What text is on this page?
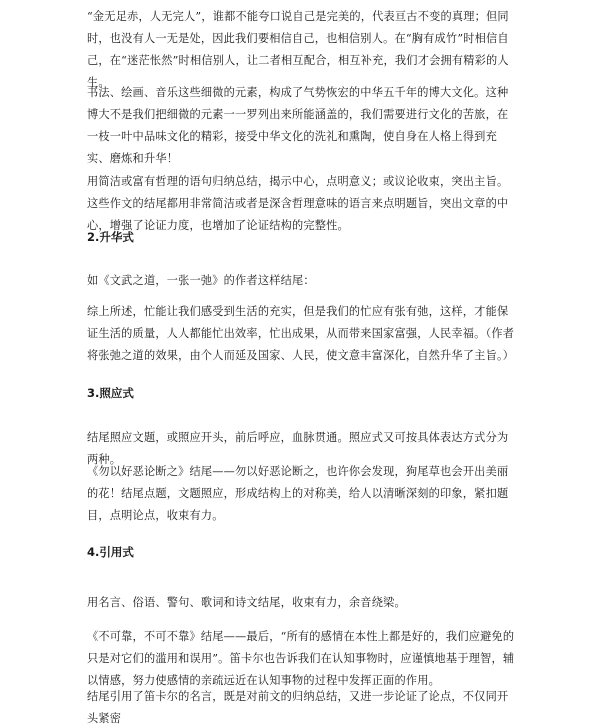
“金无足赤，人无完人”，谁都不能夸口说自己是完美的，代表亘古不变的真理；但同时，也没有人一无是处，因此我们要相信自己，也相信别人。在“胸有成竹”时相信自己，在“迷茫怅然”时相信别人，让二者相互配合，相互补充，我们才会拥有精彩的人生。

书法、绘画、音乐这些细微的元素，构成了气势恢宏的中华五千年的博大文化。这种博大不是我们把细微的元素一一罗列出来所能涵盖的，我们需要进行文化的苦旅，在一枝一叶中品味文化的精彩，接受中华文化的洗礼和熏陶，使自身在人格上得到充实、磨炼和升华！

用简洁或富有哲理的语句归纳总结，揭示中心，点明意义；或议论收束，突出主旨。这些作文的结尾都用非常简洁或者是深含哲理意味的语言来点明题旨，突出文章的中心，增强了论证力度，也增加了论证结构的完整性。

2.升华式

如《文武之道，一张一弛》的作者这样结尾：

综上所述，忙能让我们感受到生活的充实，但是我们的忙应有张有弛，这样，才能保证生活的质量，人人都能忙出效率，忙出成果，从而带来国家富强，人民幸福。（作者将张弛之道的效果，由个人而延及国家、人民，使文意丰富深化，自然升华了主旨。）

3.照应式

结尾照应文题，或照应开头，前后呼应，血脉贯通。照应式又可按具体表达方式分为两种。

《勿以好恶论断之》结尾——勿以好恶论断之，也许你会发现，狗尾草也会开出美丽的花！结尾点题，文题照应，形成结构上的对称美，给人以清晰深刻的印象，紧扣题目，点明论点，收束有力。

4.引用式

用名言、俗语、警句、歌词和诗文结尾，收束有力，余音绕梁。

《不可靠，不可不靠》结尾——最后，“所有的感情在本性上都是好的，我们应避免的只是对它们的滥用和误用”。笛卡尔也告诉我们在认知事物时，应谨慎地基于理智，辅以情感，努力使感情的亲疏远近在认知事物的过程中发挥正面的作用。

结尾引用了笛卡尔的名言，既是对前文的归纳总结，又进一步论证了论点，不仅同开头紧密
